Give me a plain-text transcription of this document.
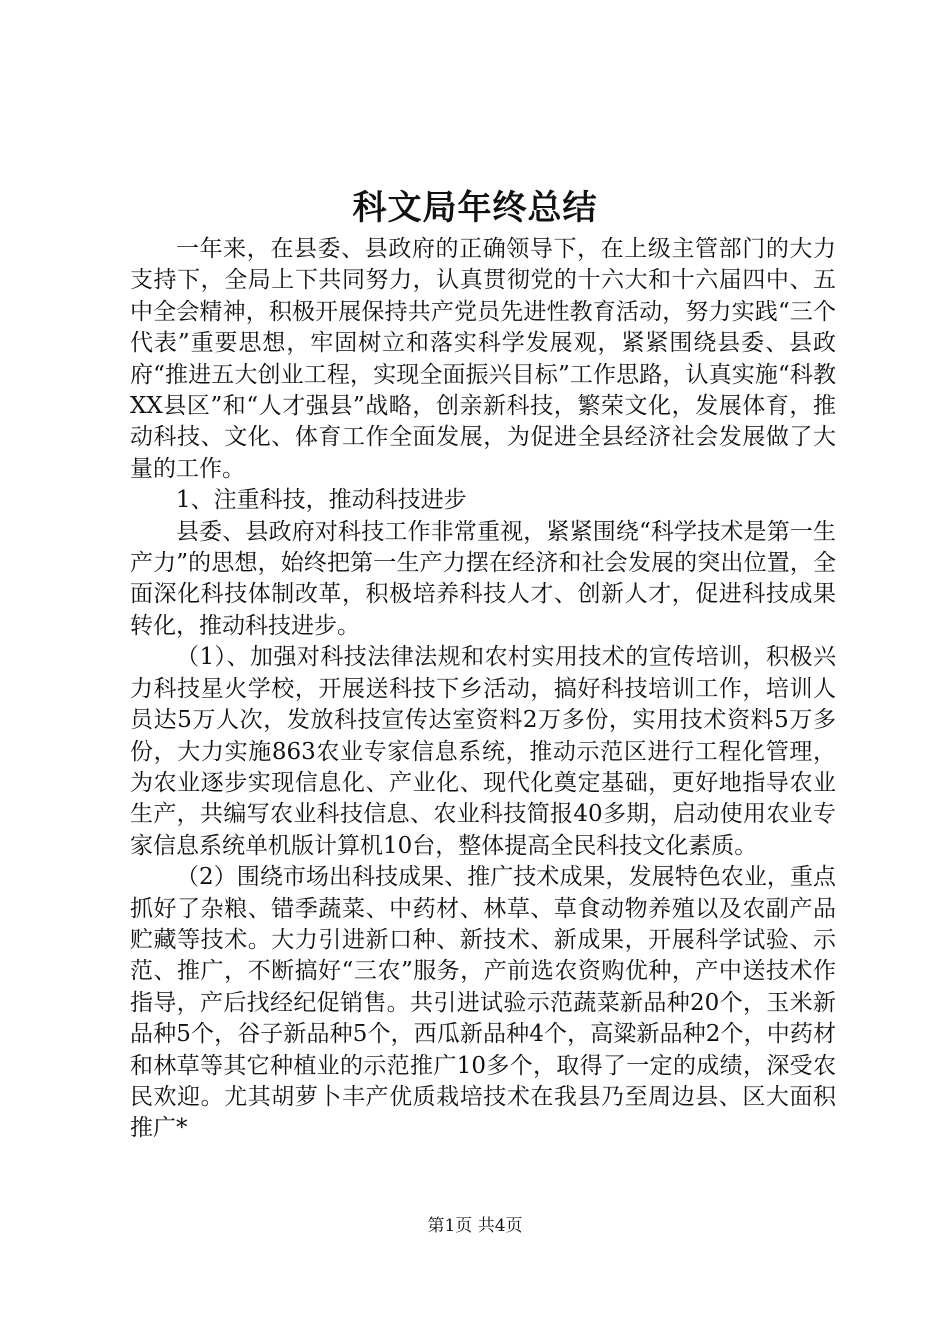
科文局年终总结

一年来，在县委、县政府的正确领导下，在上级主管部门的大力支持下，全局上下共同努力，认真贯彻党的十六大和十六届四中、五中全会精神，积极开展保持共产党员先进性教育活动，努力实践“三个代表”重要思想，牢固树立和落实科学发展观，紧紧围绕县委、县政府“推进五大创业工程，实现全面振兴目标”工作思路，认真实施“科教XX县区”和“人才强县”战略，创亲新科技，繁荣文化，发展体育，推动科技、文化、体育工作全面发展，为促进全县经济社会发展做了大量的工作。

1、注重科技，推动科技进步

县委、县政府对科技工作非常重视，紧紧围绕“科学技术是第一生产力”的思想，始终把第一生产力摆在经济和社会发展的突出位置，全面深化科技体制改革，积极培养科技人才、创新人才，促进科技成果转化，推动科技进步。

（1）、加强对科技法律法规和农村实用技术的宣传培训，积极兴力科技星火学校，开展送科技下乡活动，搞好科技培训工作，培训人员达5万人次，发放科技宣传达室资料2万多份，实用技术资料5万多份，大力实施863农业专家信息系统，推动示范区进行工程化管理，为农业逐步实现信息化、产业化、现代化奠定基础，更好地指导农业生产，共编写农业科技信息、农业科技简报40多期，启动使用农业专家信息系统单机版计算机10台，整体提高全民科技文化素质。

（2）围绕市场出科技成果、推广技术成果，发展特色农业，重点抓好了杂粮、错季蔬菜、中药材、林草、草食动物养殖以及农副产品贮藏等技术。大力引进新口种、新技术、新成果，开展科学试验、示范、推广，不断搞好“三农”服务，产前选农资购优种，产中送技术作指导，产后找经纪促销售。共引进试验示范蔬菜新品种20个，玉米新品种5个，谷子新品种5个，西瓜新品种4个，高粱新品种2个，中药材和林草等其它种植业的示范推广10多个，取得了一定的成绩，深受农民欢迎。尤其胡萝卜丰产优质栽培技术在我县乃至周边县、区大面积推广*

第1页 共4页
